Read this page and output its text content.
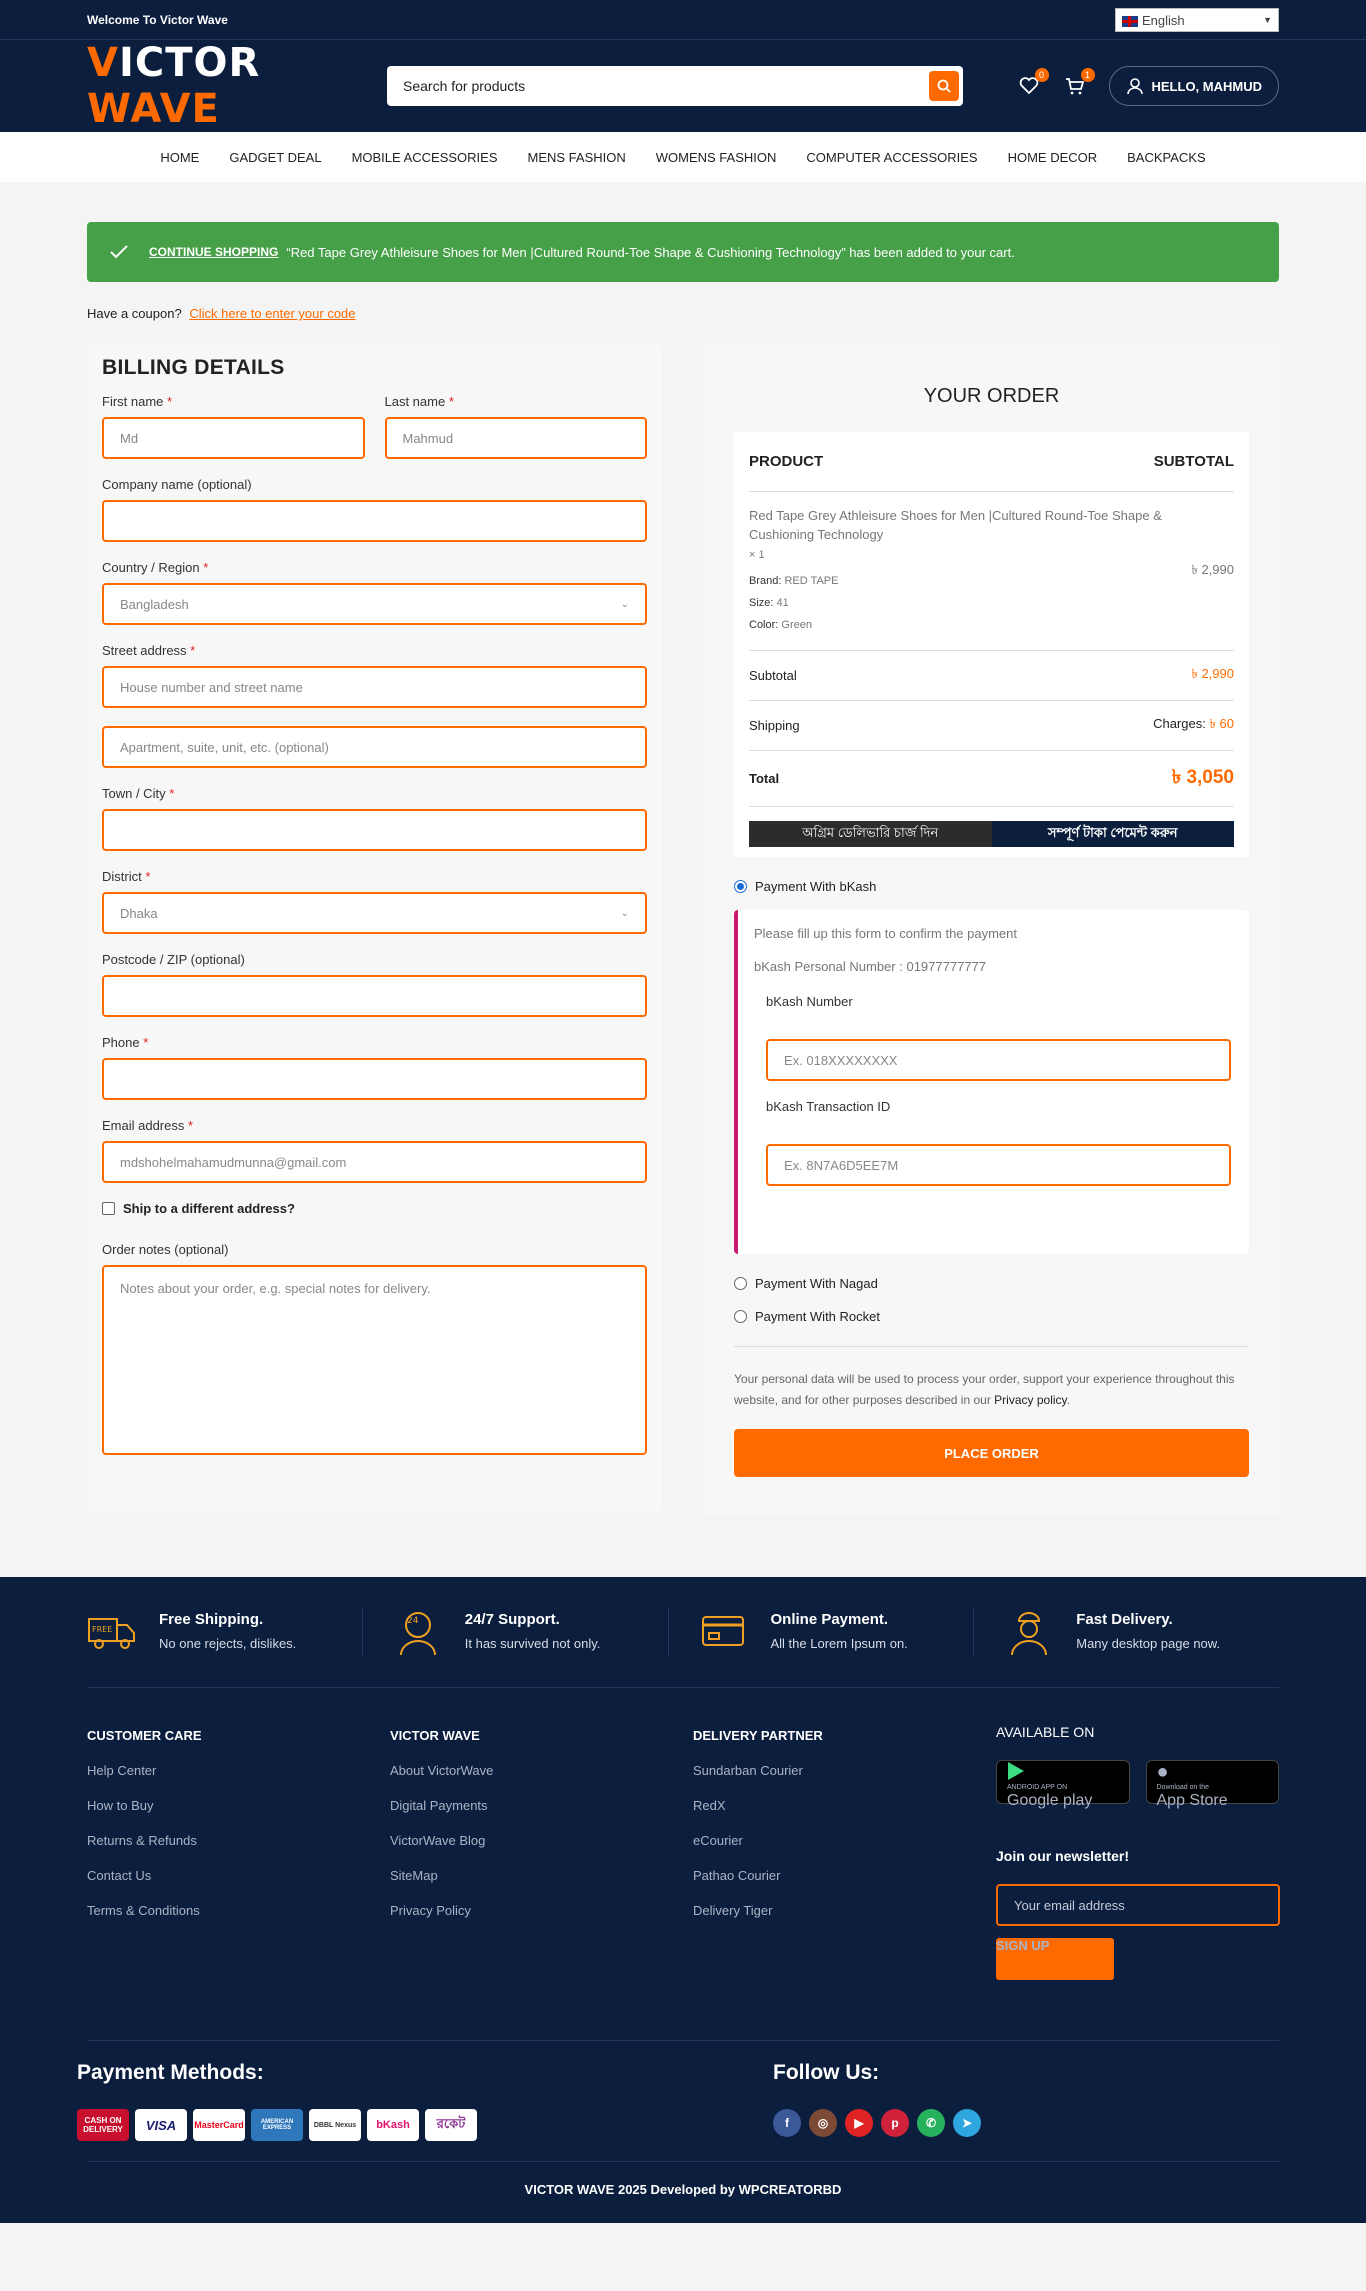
Welcome To Victor Wave	English	▼
VICTOR WAVE
Search for products
0	1
HELLO, MAHMUD
HOME GADGET DEAL MOBILE ACCESSORIES MENS FASHION WOMENS FASHION COMPUTER ACCESSORIES HOME DECOR BACKPACKS
CONTINUE SHOPPING “Red Tape Grey Athleisure Shoes for Men |Cultured Round-Toe Shape & Cushioning Technology” has been added to your cart.
Have a coupon? Click here to enter your code
BILLING DETAILS
First name *
Md
Last name *
Mahmud
Company name (optional)
Country / Region *
Bangladesh	⌄
Street address *
House number and street name
Apartment, suite, unit, etc. (optional)
Town / City *
District *
Dhaka	⌄
Postcode / ZIP (optional)
Phone *
Email address *
mdshohelmahamudmunna@gmail.com
Ship to a different address?
Order notes (optional)
Notes about your order, e.g. special notes for delivery.
YOUR ORDER
PRODUCT	SUBTOTAL
Red Tape Grey Athleisure Shoes for Men |Cultured Round-Toe Shape & Cushioning Technology
× 1
Brand: RED TAPE
Size: 41
Color: Green
৳ 2,990
Subtotal	৳ 2,990
Shipping	Charges: ৳ 60
Total	৳ 3,050
অগ্রিম ডেলিভারি চার্জ দিন	সম্পূর্ণ টাকা পেমেন্ট করুন
Payment With bKash

Please fill up this form to confirm the payment

bKash Personal Number : 01977777777

bKash Number
Ex. 018XXXXXXXX
bKash Transaction ID
Ex. 8N7A6D5EE7M
Payment With Nagad
Payment With Rocket
Your personal data will be used to process your order, support your experience throughout this website, and for other purposes described in our Privacy policy.
PLACE ORDER
FREE
Free Shipping.

No one rejects, dislikes.

24	24/7 Support.

It has survived not only.

Online Payment.

All the Lorem Ipsum on.

Fast Delivery.

Many desktop page now.

CUSTOMER CARE
Help Center
How to Buy
Returns & Refunds
Contact Us
Terms & Conditions
VICTOR WAVE
About VictorWave
Digital Payments
VictorWave Blog
SiteMap
Privacy Policy
DELIVERY PARTNER
Sundarban Courier
RedX
eCourier
Pathao Courier
Delivery Tiger
AVAILABLE ON
ANDROID APP ON
Google play
●
Download on the
App Store
Join our newsletter!
Your email address
SIGN UP
Payment Methods:
CASH ON DELIVERY	VISA	MasterCard	AMERICAN EXPRESS	DBBL Nexus	bKash	রকেট
Follow Us:
f	◎	▶	p	✆	➤
VICTOR WAVE 2025 Developed by WPCREATORBD
